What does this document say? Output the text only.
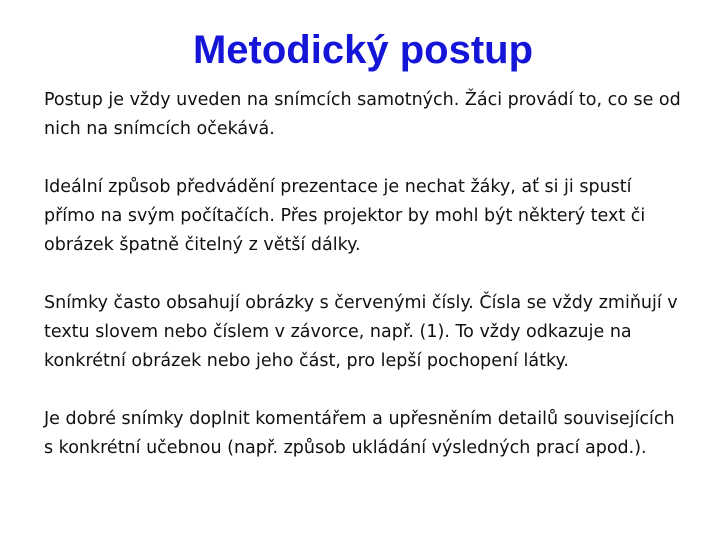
Metodický postup

Postup je vždy uveden na snímcích samotných. Žáci provádí to, co se od nich na snímcích očekává.

Ideální způsob předvádění prezentace je nechat žáky, ať si ji spustí přímo na svým počítačích. Přes projektor by mohl být některý text či obrázek špatně čitelný z větší dálky.

Snímky často obsahují obrázky s červenými čísly. Čísla se vždy zmiňují v textu slovem nebo číslem v závorce, např. (1). To vždy odkazuje na konkrétní obrázek nebo jeho část, pro lepší pochopení látky.

Je dobré snímky doplnit komentářem a upřesněním detailů souvisejících s konkrétní učebnou (např. způsob ukládání výsledných prací apod.).
